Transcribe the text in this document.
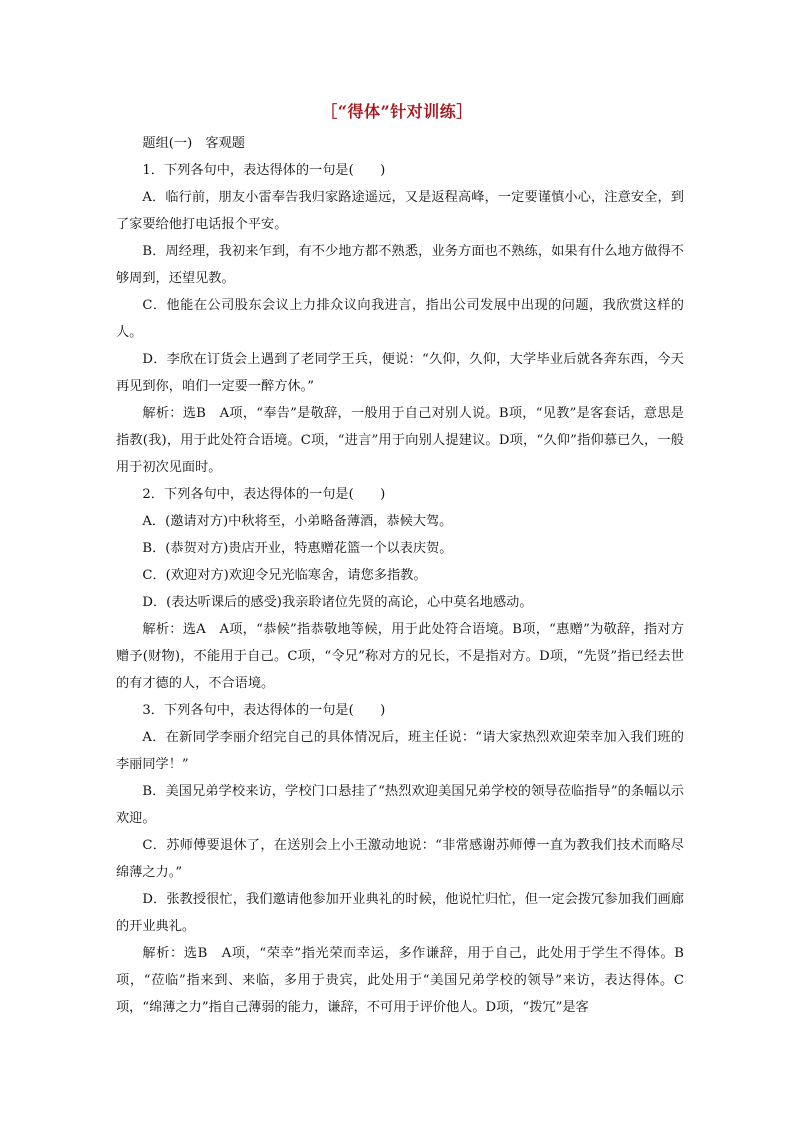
［“得体”针对训练］

题组(一)　客观题

1．下列各句中，表达得体的一句是(　　)

A．临行前，朋友小雷奉告我归家路途遥远，又是返程高峰，一定要谨慎小心，注意安全，到了家要给他打电话报个平安。

B．周经理，我初来乍到，有不少地方都不熟悉，业务方面也不熟练，如果有什么地方做得不够周到，还望见教。

C．他能在公司股东会议上力排众议向我进言，指出公司发展中出现的问题，我欣赏这样的人。

D．李欣在订货会上遇到了老同学王兵，便说：“久仰，久仰，大学毕业后就各奔东西，今天再见到你，咱们一定要一醉方休。”

解析：选B　A项，“奉告”是敬辞，一般用于自己对别人说。B项，“见教”是客套话，意思是指教(我)，用于此处符合语境。C项，“进言”用于向别人提建议。D项，“久仰”指仰慕已久，一般用于初次见面时。

2．下列各句中，表达得体的一句是(　　)

A．(邀请对方)中秋将至，小弟略备薄酒，恭候大驾。

B．(恭贺对方)贵店开业，特惠赠花篮一个以表庆贺。

C．(欢迎对方)欢迎令兄光临寒舍，请您多指教。

D．(表达听课后的感受)我亲聆诸位先贤的高论，心中莫名地感动。

解析：选A　A项，“恭候”指恭敬地等候，用于此处符合语境。B项，“惠赠”为敬辞，指对方赠予(财物)，不能用于自己。C项，“令兄”称对方的兄长，不是指对方。D项，“先贤”指已经去世的有才德的人，不合语境。

3．下列各句中，表达得体的一句是(　　)

A．在新同学李丽介绍完自己的具体情况后，班主任说：“请大家热烈欢迎荣幸加入我们班的李丽同学！”

B．美国兄弟学校来访，学校门口悬挂了“热烈欢迎美国兄弟学校的领导莅临指导”的条幅以示欢迎。

C．苏师傅要退休了，在送别会上小王激动地说：“非常感谢苏师傅一直为教我们技术而略尽绵薄之力。”

D．张教授很忙，我们邀请他参加开业典礼的时候，他说忙归忙，但一定会拨冗参加我们画廊的开业典礼。

解析：选B　A项，“荣幸”指光荣而幸运，多作谦辞，用于自己，此处用于学生不得体。B项，“莅临”指来到、来临，多用于贵宾，此处用于“美国兄弟学校的领导”来访，表达得体。C项，“绵薄之力”指自己薄弱的能力，谦辞，不可用于评价他人。D项，“拨冗”是客
